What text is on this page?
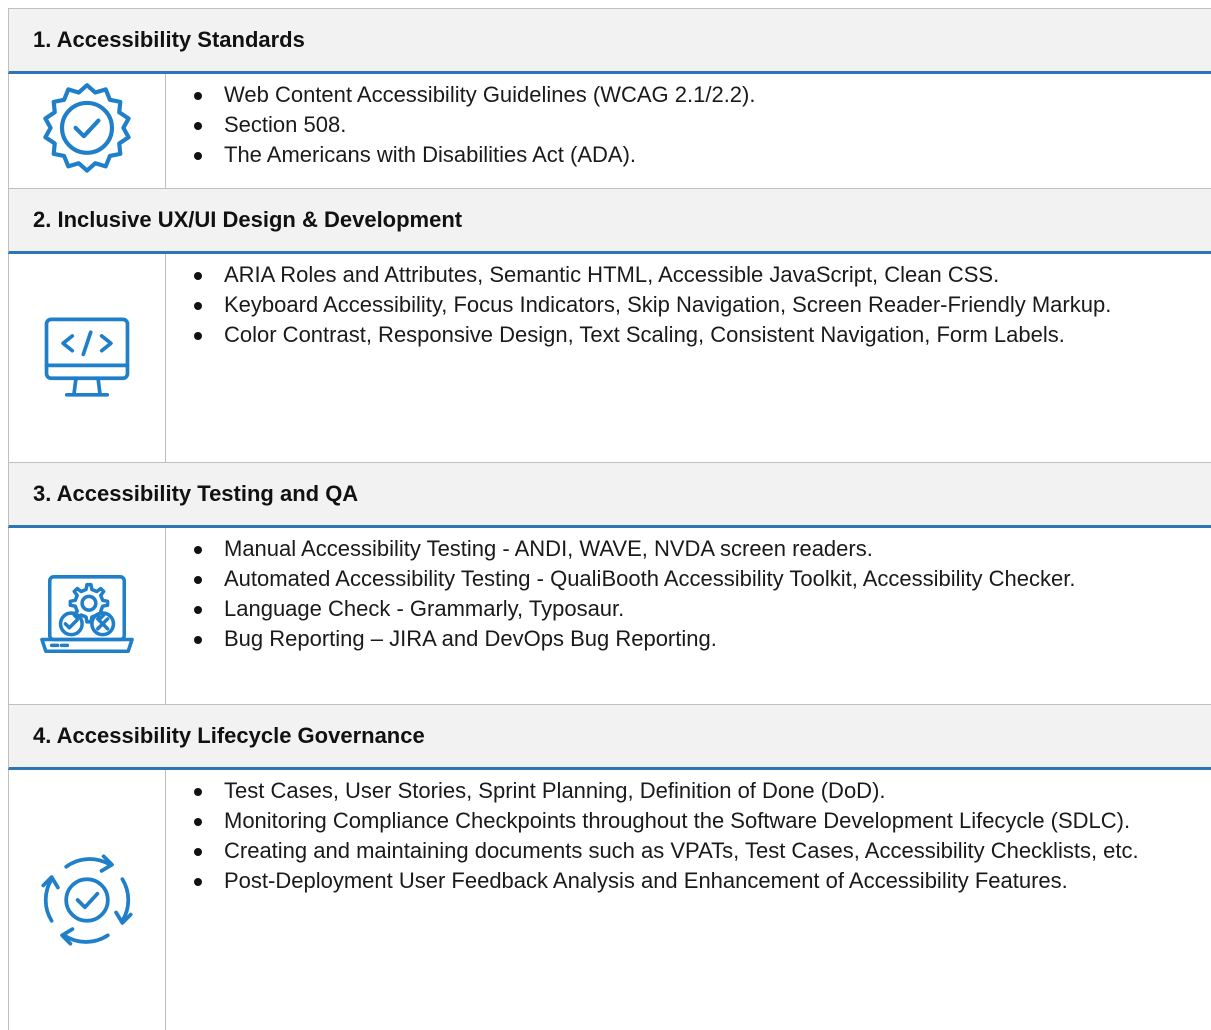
1. Accessibility Standards
Web Content Accessibility Guidelines (WCAG 2.1/2.2).
Section 508.
The Americans with Disabilities Act (ADA).
2. Inclusive UX/UI Design & Development
ARIA Roles and Attributes, Semantic HTML, Accessible JavaScript, Clean CSS.
Keyboard Accessibility, Focus Indicators, Skip Navigation, Screen Reader-Friendly Markup.
Color Contrast, Responsive Design, Text Scaling, Consistent Navigation, Form Labels.
3. Accessibility Testing and QA
Manual Accessibility Testing - ANDI, WAVE, NVDA screen readers.
Automated Accessibility Testing - QualiBooth Accessibility Toolkit, Accessibility Checker.
Language Check - Grammarly, Typosaur.
Bug Reporting – JIRA and DevOps Bug Reporting.
4. Accessibility Lifecycle Governance
Test Cases, User Stories, Sprint Planning, Definition of Done (DoD).
Monitoring Compliance Checkpoints throughout the Software Development Lifecycle (SDLC).
Creating and maintaining documents such as VPATs, Test Cases, Accessibility Checklists, etc.
Post-Deployment User Feedback Analysis and Enhancement of Accessibility Features.
